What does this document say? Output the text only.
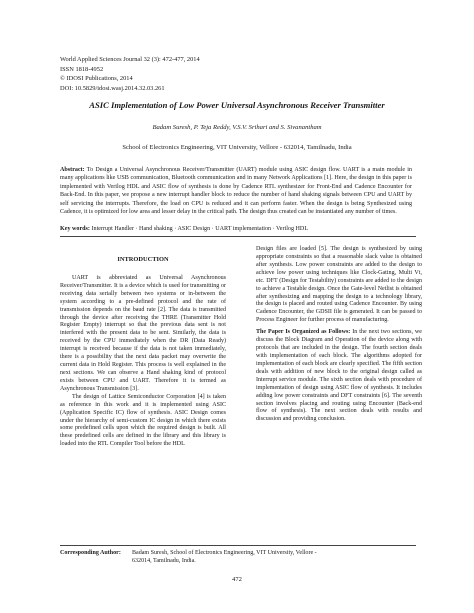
World Applied Sciences Journal 32 (3): 472-477, 2014
ISSN 1818-4952
© IDOSI Publications, 2014
DOI: 10.5829/idosi.wasj.2014.32.03.261
ASIC Implementation of Low Power Universal Asynchronous Receiver Transmitter
Badam Suresh, P. Teja Reddy, V.S.V. Srihari and S. Sivanantham
School of Electronics Engineering, VIT University, Vellore - 632014, Tamilnadu, India
Abstract: To Design a Universal Asynchronous Receiver/Transmitter (UART) module using ASIC design flow. UART is a main module in many applications like USB communication, Bluetooth communication and in many Network Applications [1]. Here, the design in this paper is implemented with Verilog HDL and ASIC flow of synthesis is done by Cadence RTL synthesizer for Front-End and Cadence Encounter for Back-End. In this paper, we propose a new interrupt handler block to reduce the number of hand shaking signals between CPU and UART by self servicing the interrupts. Therefore, the load on CPU is reduced and it can perform faster. When the design is being Synthesized using Cadence, it is optimized for low area and lesser delay in the critical path. The design thus created can be instantiated any number of times.
Key words: Interrupt Handler · Hand shaking · ASIC Design · UART implementation · Verilog HDL
INTRODUCTION

UART is abbreviated as Universal Asynchronous Receiver/Transmitter. It is a device which is used for transmitting or receiving data serially between two systems or in-between the system according to a pre-defined protocol and the rate of transmission depends on the baud rate [2]. The data is transmitted through the device after receiving the THRE (Transmitter Hold Register Empty) interrupt so that the previous data sent is not interfered with the present data to be sent. Similarly, the data is received by the CPU immediately when the DR (Data Ready) interrupt is received because if the data is not taken immediately, there is a possibility that the next data packet may overwrite the current data in Hold Register. This process is well explained in the next sections. We can observe a Hand shaking kind of protocol exists between CPU and UART. Therefore it is termed as Asynchronous Transmission [3].

The design of Lattice Semiconductor Corporation [4] is taken as reference in this work and it is implemented using ASIC (Application Specific IC) flow of synthesis. ASIC Design comes under the hierarchy of semi-custom IC design in which there exists some predefined cells upon which the required design is built. All these predefined cells are defined in the library and this library is loaded into the RTL Compiler Tool before the HDL

Design files are loaded [5]. The design is synthesized by using appropriate constraints so that a reasonable slack value is obtained after synthesis. Low power constraints are added to the design to achieve low power using techniques like Clock-Gating, Multi Vt, etc. DFT (Design for Testability) constraints are added to the design to achieve a Testable design. Once the Gate-level Netlist is obtained after synthesizing and mapping the design to a technology library, the design is placed and routed using Cadence Encounter. By using Cadence Encounter, the GDSII file is generated. It can be passed to Process Engineer for further process of manufacturing.

The Paper Is Organized as Follows: In the next two sections, we discuss the Block Diagram and Operation of the device along with protocols that are included in the design. The fourth section deals with implementation of each block. The algorithms adopted for implementation of each block are clearly specified. The fifth section deals with addition of new block to the original design called as Interrupt service module. The sixth section deals with procedure of implementation of design using ASIC flow of synthesis. It includes adding low power constraints and DFT constraints [6]. The seventh section involves placing and routing using Encounter (Back-end flow of synthesis). The next section deals with results and discussion and providing conclusion.

Corresponding Author: Badam Suresh, School of Electronics Engineering, VIT University, Vellore - 632014, Tamilnadu, India.
472
